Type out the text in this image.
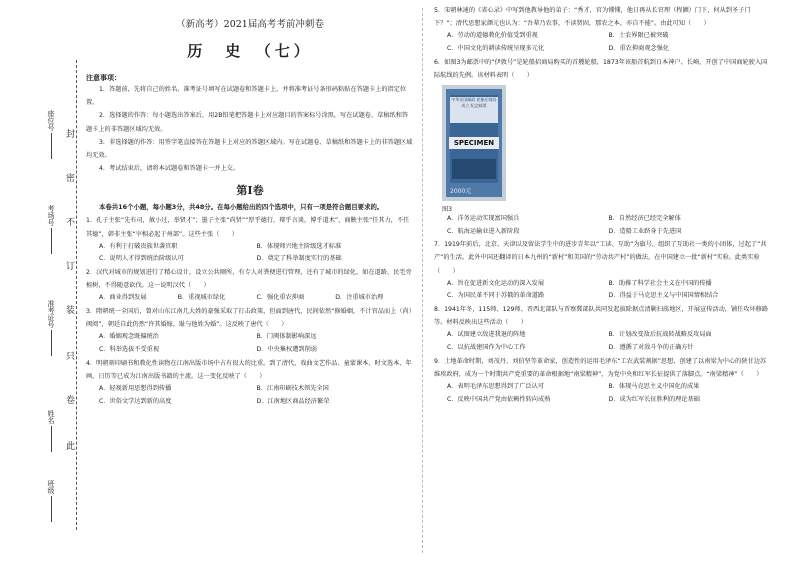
封
密
不
订
装
只
卷
此
座位号
考场号
准考证号
姓名
班级
（新高考）2021届高考考前冲刺卷
历　史　（七）
注意事项：
1．答题前，先将自己的姓名、准考证号填写在试题卷和答题卡上，并将准考证号条形码粘贴在答题卡上的指定位置。
2．选择题的作答：每小题选出答案后，用2B铅笔把答题卡上对应题目的答案标号涂黑，写在试题卷、草稿纸和答题卡上的非答题区域均无效。
3．非选择题的作答：用签字笔直接答在答题卡上对应的答题区域内。写在试题卷、草稿纸和答题卡上的非答题区域均无效。
4．考试结束后，请将本试题卷和答题卡一并上交。
第Ⅰ卷
本卷共16个小题，每小题3分，共48分。在每小题给出的四个选项中，只有一项是符合题目要求的。
1．孔子主张“先有司，赦小过，举贤才”；墨子主张“尚贤”“厚乎德行，辩乎言谈，博乎道术”，商鞅主张“任其力，不任其德”，韩非主张“宰相必起于州部”。这些主张（　　）
A．有利于打破贵族世袭官职	B．体现师兴地主阶级选才标准
C．说明人才得到统治阶级认可	D．奠定了科举制度实行的基础
2．汉代对城市的规划进行了精心设计，设立公共厕所，有专人对粪便进行管理，还有了城市的绿化，如在道路、民宅旁植树，不得随意砍伐。这一说明汉代（　　）
A．商业得到发展	B．重视城市绿化	C．强化重农抑商	D．注重城市治理
3．隋朝统一全国后，曾对山东江南几大姓的豪强采取了打击政策，但面到唐代，民间依然“修婚姻，不计官品而上（尚）阀阅”，朝廷自此仍然“许其婚嫁，耻与他姓为婚”。这反映了唐代（　　）
A．婚姻观念既偏统治	B．门阀体制影响深远
C．科举选拔不受重视	D．中央集权遭到削弱
4．明朝刻印刷书和教化性读物在江南出版市场中占有很大的比重。到了清代，戏曲文艺作品、童蒙课本、时文选本、年画、日历等已成为江南出版书籍的主流。这一变化反映了（　　）
A．轻视新用思想得到传播	B．江南印刷技术领先全国
C．世俗文学达到新的高度	D．江南地区商品经济繁荣
5．宋朝林逋的《省心录》中写到他教导他的弟子：“秀才，官为懂懂，他日再从长官理（程颢）门下，何从到圣子门下？”；清代思想家颜元也认为：“吾辈乃农事，不读贤固，那农之本，亦自不能”。由此可知（　　）
A．劳动的道德教化价值受到重视	B．士农界限已被突破
C．中国文化的耕读传统呈现多元化	D．重农抑商观念强化
6．如图3为邮票中的“伊敦号”是轮船招商局购买的首艘轮船，1873年该船首航到日本神户、长崎，开创了中国商轮驶入国际航线的先例。该材料表明（　　）
中华民国邮政 轮船招商局成立 纪念邮票
SPECIMEN
2000元
图3
A．洋务运动实现富国强兵	B．自然经济已经完全解体
C．航海运输业进入新阶段	D．造船工业跻身于先进国
7．1919年前后，北京、天津以及留法学生中的进步青年以“工读、互助”为旗号，组织了互助社一类的小团体，过起了“共产”的生活。此外中国还翻译的日本九州的“新村”和美国的“劳动共产村”的做法，在中国建立一批“新村”实验。此类实验（　　）
A．旨在促进新文化运动的深入发展	B．助推了科学社会主义在中国的传播
C．为国民革不同于苏俄的革命道路	D．得益于马克思主义与中国国情相结合
8．1941年冬，115师、129师、晋西北部队与晋察冀部队共同发起拔除据点清剿扫荡地区，开展宣传活动，铺任攻坏修路等。材料反映出这些活动（　　）
A．试图建立敌进我退的阵地	B．计划改变敌后抗战转战略反攻局面
C．以抗战建国作为中心工作	D．遵循了对敌斗争的正确方针
9．土地革命时期，刘茂丹、刘伯坚等革命家，创造性的运用毛泽东“工农武装割据”思想，创建了以南梁为中心的陕甘边苏维埃政府，成为一个时期共产党重要的革命根据地“南梁精神”，为党中央和红军长征提供了落脚点。“南梁精神”（　　）
A．表明毛泽东思想得到了广泛认可	B．体现马克思主义中国化的成果
C．反映中国共产党由依赖性转向成熟	D．成为红军长征胜利的理论基础
